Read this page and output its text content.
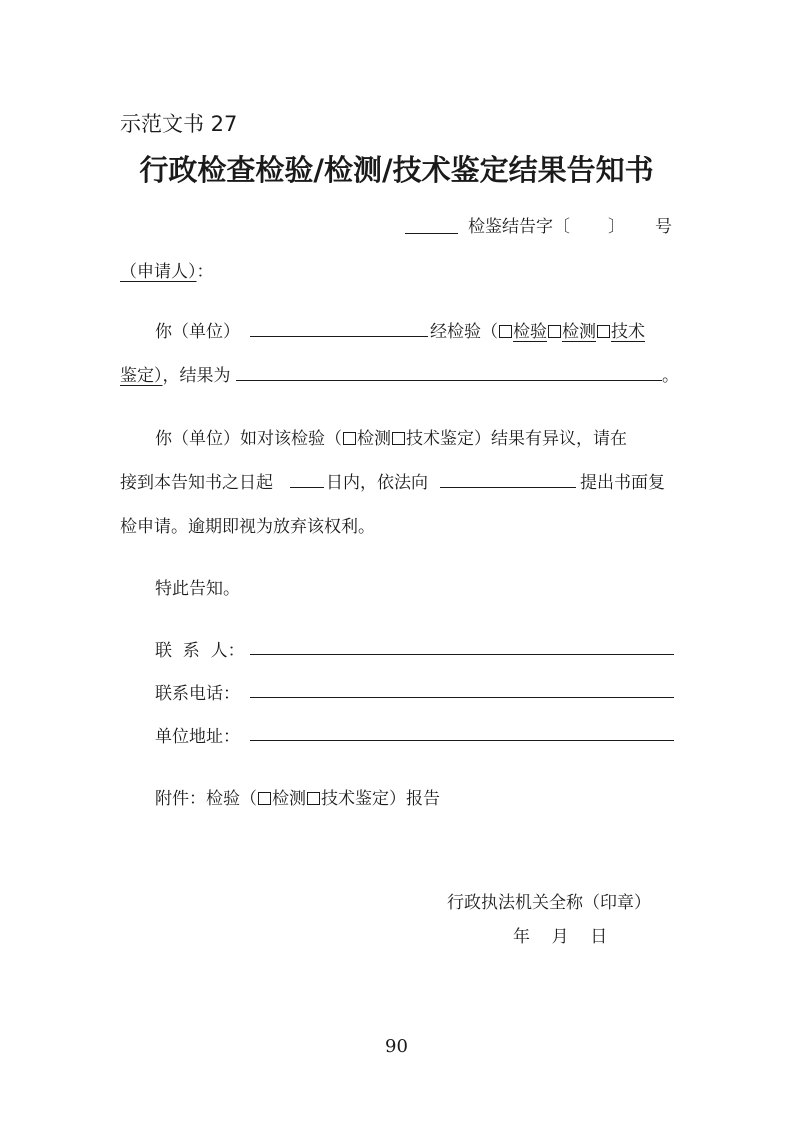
示范文书 27
行政检查检验/检测/技术鉴定结果告知书
检鉴结告字〔 〕 号
（申请人）：
你（单位）	经检验（ 检验 检测 技术
鉴定），结果为	。
你（单位）如对该检验（ 检测 技术鉴定）结果有异议，请在
接到本告知书之日起	日内，依法向	提出书面复
检申请。逾期即视为放弃该权利。
特此告知。
联  系  人：
联系电话：
单位地址：
附件：检验（ 检测 技术鉴定）报告
行政执法机关全称（印章）
年    月    日
90
